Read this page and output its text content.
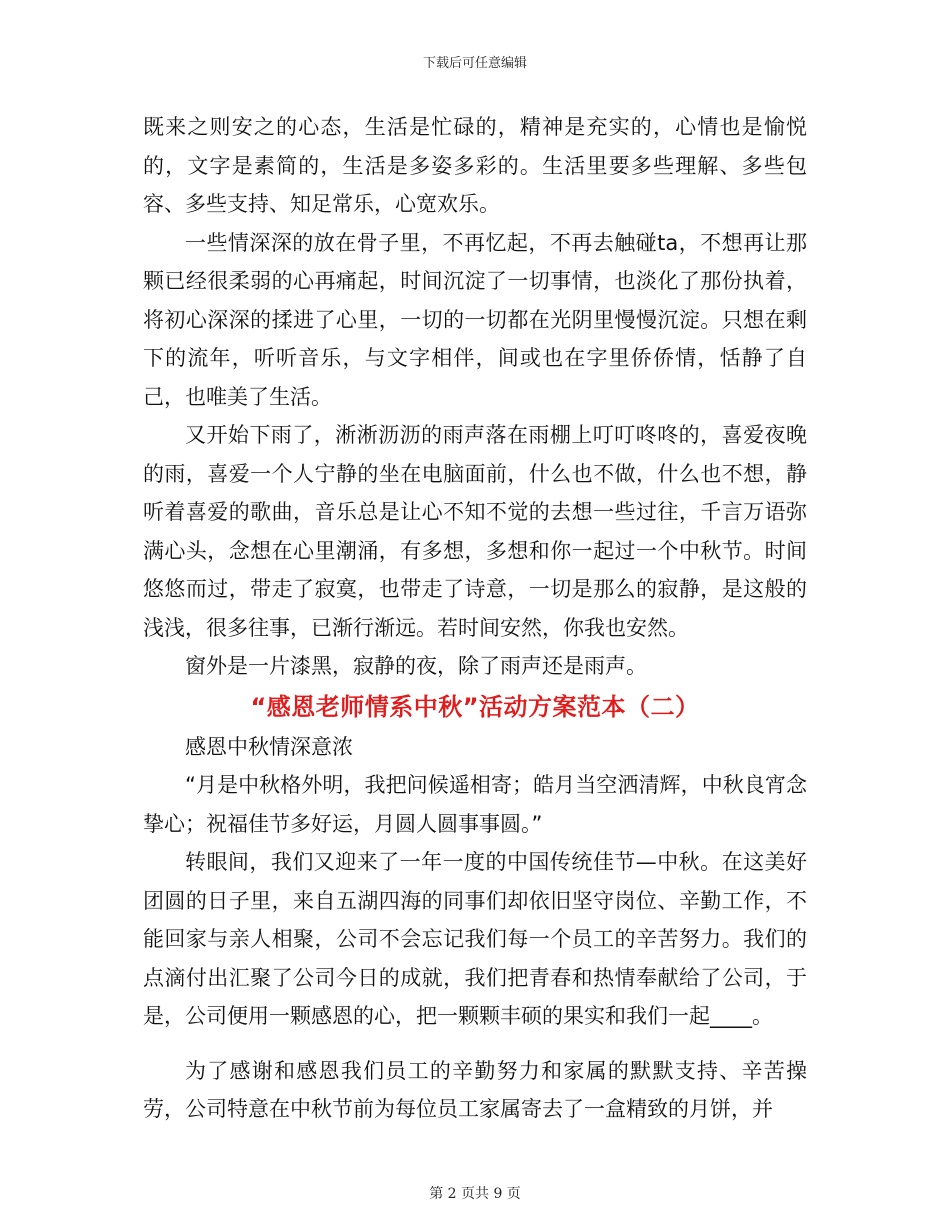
下载后可任意编辑

既来之则安之的心态，生活是忙碌的，精神是充实的，心情也是愉悦的，文字是素简的，生活是多姿多彩的。生活里要多些理解、多些包容、多些支持、知足常乐，心宽欢乐。

一些情深深的放在骨子里，不再忆起，不再去触碰ta，不想再让那颗已经很柔弱的心再痛起，时间沉淀了一切事情，也淡化了那份执着，将初心深深的揉进了心里，一切的一切都在光阴里慢慢沉淀。只想在剩下的流年，听听音乐，与文字相伴，间或也在字里侨侨情，恬静了自己，也唯美了生活。

又开始下雨了，淅淅沥沥的雨声落在雨棚上叮叮咚咚的，喜爱夜晚的雨，喜爱一个人宁静的坐在电脑面前，什么也不做，什么也不想，静听着喜爱的歌曲，音乐总是让心不知不觉的去想一些过往，千言万语弥满心头，念想在心里潮涌，有多想，多想和你一起过一个中秋节。时间悠悠而过，带走了寂寞，也带走了诗意，一切是那么的寂静，是这般的浅浅，很多往事，已渐行渐远。若时间安然，你我也安然。

窗外是一片漆黑，寂静的夜，除了雨声还是雨声。

“感恩老师情系中秋”活动方案范本（二）

感恩中秋情深意浓

“月是中秋格外明，我把问候遥相寄；皓月当空洒清辉，中秋良宵念挚心；祝福佳节多好运，月圆人圆事事圆。”

转眼间，我们又迎来了一年一度的中国传统佳节—中秋。在这美好团圆的日子里，来自五湖四海的同事们却依旧坚守岗位、辛勤工作，不能回家与亲人相聚，公司不会忘记我们每一个员工的辛苦努力。我们的点滴付出汇聚了公司今日的成就，我们把青春和热情奉献给了公司，于是，公司便用一颗感恩的心，把一颗颗丰硕的果实和我们一起____。

为了感谢和感恩我们员工的辛勤努力和家属的默默支持、辛苦操劳，公司特意在中秋节前为每位员工家属寄去了一盒精致的月饼，并

第 2 页共 9 页
